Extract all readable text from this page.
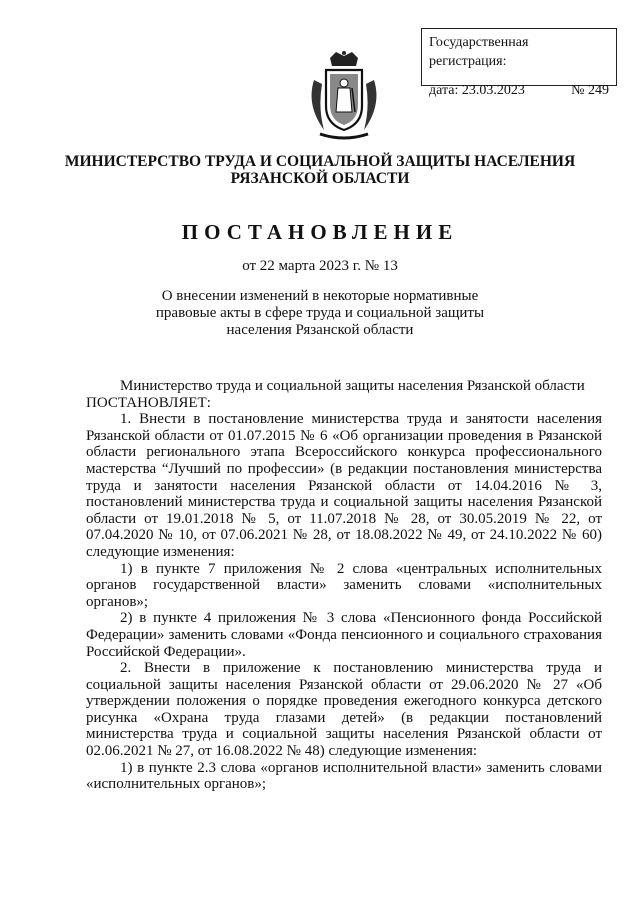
Государственная регистрация:
дата: 23.03.2023	№ 249
МИНИСТЕРСТВО ТРУДА И СОЦИАЛЬНОЙ ЗАЩИТЫ НАСЕЛЕНИЯ
РЯЗАНСКОЙ ОБЛАСТИ
ПОСТАНОВЛЕНИЕ
от 22 марта 2023 г. № 13
О внесении изменений в некоторые нормативные правовые акты в сфере труда и социальной защиты населения Рязанской области

Министерство труда и социальной защиты населения Рязанской области

ПОСТАНОВЛЯЕТ:

1. Внести в постановление министерства труда и занятости населения Рязанской области от 01.07.2015 № 6 «Об организации проведения в Рязанской области регионального этапа Всероссийского конкурса профессионального мастерства “Лучший по профессии» (в редакции постановления министерства труда и занятости населения Рязанской области от 14.04.2016 № 3, постановлений министерства труда и социальной защиты населения Рязанской области от 19.01.2018 № 5, от 11.07.2018 № 28, от 30.05.2019 № 22, от 07.04.2020 № 10, от 07.06.2021 № 28, от 18.08.2022 № 49, от 24.10.2022 № 60) следующие изменения:

1) в пункте 7 приложения № 2 слова «центральных исполнительных органов государственной власти» заменить словами «исполнительных органов»;

2) в пункте 4 приложения № 3 слова «Пенсионного фонда Российской Федерации» заменить словами «Фонда пенсионного и социального страхования Российской Федерации».

2. Внести в приложение к постановлению министерства труда и социальной защиты населения Рязанской области от 29.06.2020 № 27 «Об утверждении положения о порядке проведения ежегодного конкурса детского рисунка «Охрана труда глазами детей» (в редакции постановлений министерства труда и социальной защиты населения Рязанской области от 02.06.2021 № 27, от 16.08.2022 № 48) следующие изменения:

1) в пункте 2.3 слова «органов исполнительной власти» заменить словами «исполнительных органов»;
